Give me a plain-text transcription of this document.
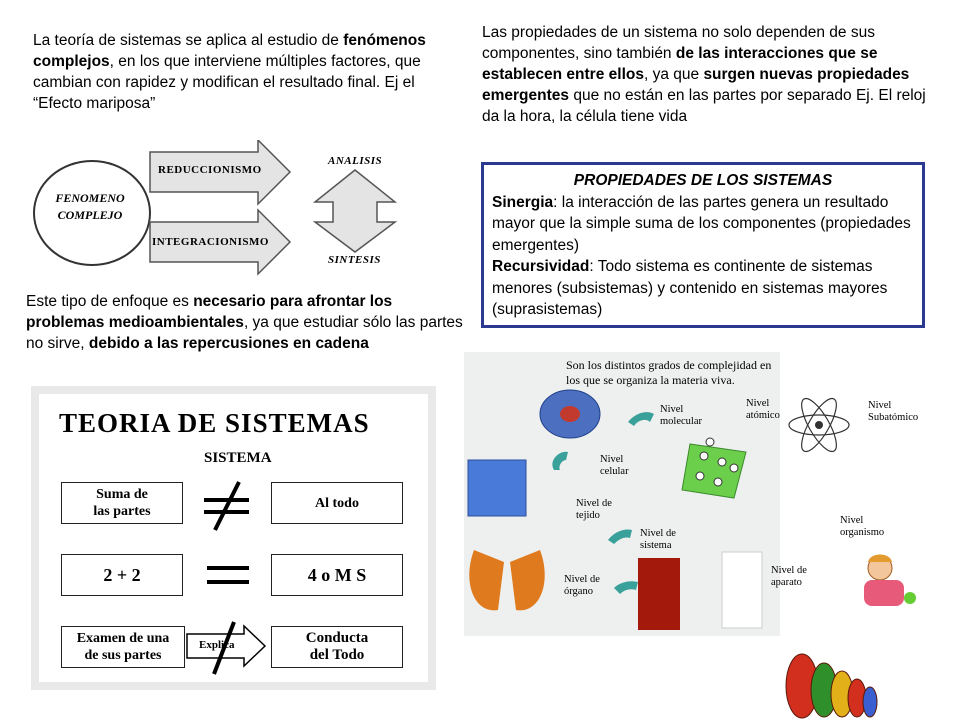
La teoría de sistemas se aplica al estudio de fenómenos complejos, en los que interviene múltiples factores, que cambian con rapidez y modifican el resultado final. Ej el “Efecto mariposa”
Las propiedades de un sistema no solo dependen de sus componentes, sino también de las interacciones que se establecen entre ellos, ya que surgen nuevas propiedades emergentes que no están en las partes por separado Ej. El reloj da la hora, la célula tiene vida
FENOMENO
COMPLEJO
REDUCCIONISMO
INTEGRACIONISMO
ANALISIS
SINTESIS
Este tipo de enfoque es necesario para afrontar los problemas medioambientales, ya que estudiar sólo las partes no sirve, debido a las repercusiones en cadena
PROPIEDADES DE LOS SISTEMAS
Sinergia: la interacción de las partes genera un resultado mayor que la simple suma de los componentes (propiedades emergentes)
Recursividad: Todo sistema es continente de sistemas menores (subsistemas) y contenido en sistemas mayores (suprasistemas)
TEORIA DE SISTEMAS
SISTEMA
Suma de
las partes
Al todo
2 + 2	4 o M S
Examen de una
de sus partes
Conducta
del Todo
Explica
Son los distintos grados de complejidad en los que se organiza la materia viva.
Nivel
atómico
Nivel
molecular
Nivel
celular
Nivel de
tejido
Nivel de
sistema
Nivel de
órgano
Nivel
Subatómico
Nivel de
aparato
Nivel
organismo
